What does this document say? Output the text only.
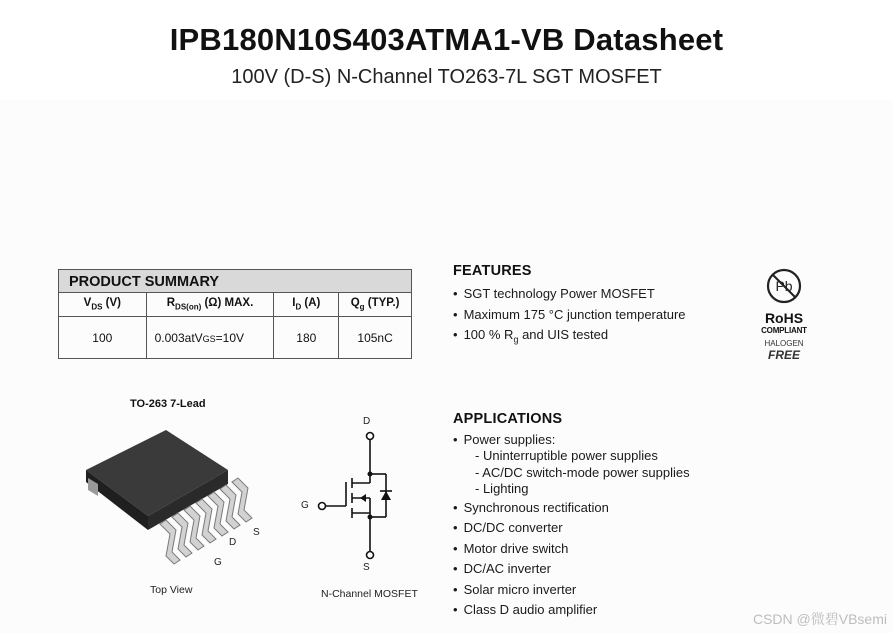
IPB180N10S403ATMA1-VB Datasheet
100V (D-S) N-Channel TO263-7L SGT MOSFET
PRODUCT SUMMARY			
$V_{DS}$ (V)	$R_{DS(on)}$ (Ω) MAX.	$I_D$ (A)	$Q_g$ (TYP.)
100	0.003atVGS=10V	180	105nC
FEATURES
• SGT technology Power MOSFET
• Maximum 175 °C junction temperature
• 100 % $R_g$ and UIS tested
Pb
RoHS
COMPLIANT
HALOGEN
FREE
APPLICATIONS
• Power supplies:
- Uninterruptible power supplies
- AC/DC switch-mode power supplies
- Lighting
• Synchronous rectification
• DC/DC converter
• Motor drive switch
• DC/AC inverter
• Solar micro inverter
• Class D audio amplifier
TO-263 7-Lead
D
S
G
Top View
D
G
S
N-Channel MOSFET
CSDN @微碧VBsemi
